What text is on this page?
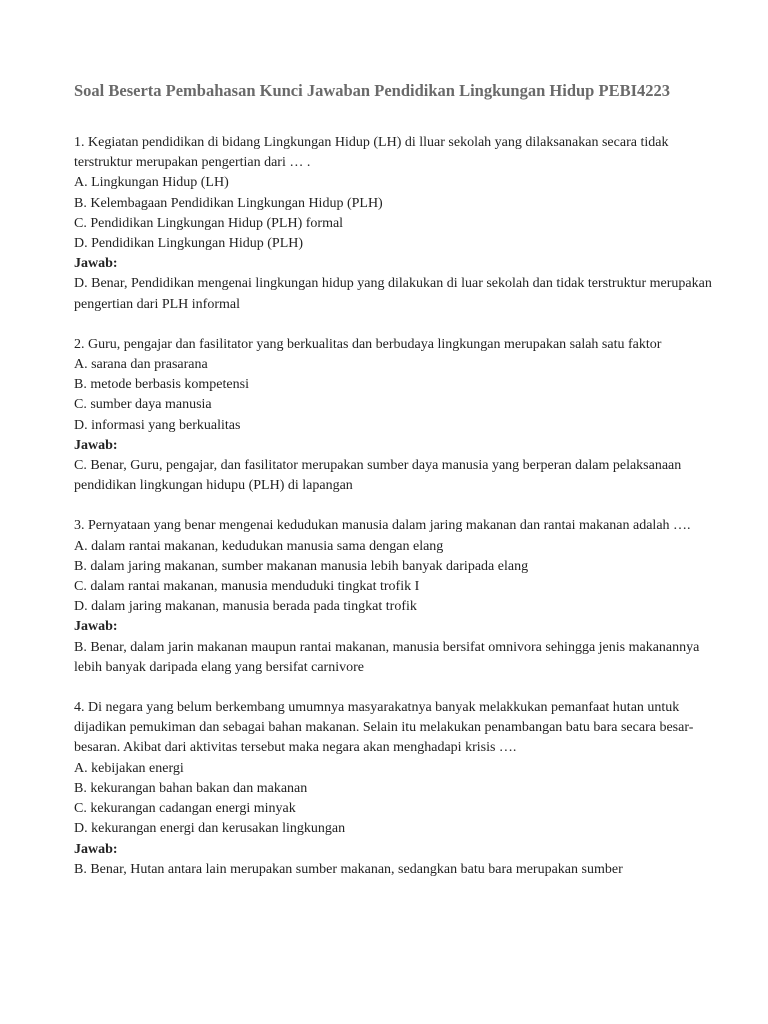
Soal Beserta Pembahasan Kunci Jawaban Pendidikan Lingkungan Hidup PEBI4223

1. Kegiatan pendidikan di bidang Lingkungan Hidup (LH) di lluar sekolah yang dilaksanakan secara tidak terstruktur merupakan pengertian dari … .

A. Lingkungan Hidup (LH)

B. Kelembagaan Pendidikan Lingkungan Hidup (PLH)

C. Pendidikan Lingkungan Hidup (PLH) formal

D. Pendidikan Lingkungan Hidup (PLH)

Jawab:

D. Benar, Pendidikan mengenai lingkungan hidup yang dilakukan di luar sekolah dan tidak terstruktur merupakan pengertian dari PLH informal

2. Guru, pengajar dan fasilitator yang berkualitas dan berbudaya lingkungan merupakan salah satu faktor

A. sarana dan prasarana

B. metode berbasis kompetensi

C. sumber daya manusia

D. informasi yang berkualitas

Jawab:

C. Benar, Guru, pengajar, dan fasilitator merupakan sumber daya manusia yang berperan dalam pelaksanaan pendidikan lingkungan hidupu (PLH) di lapangan

3. Pernyataan yang benar mengenai kedudukan manusia dalam jaring makanan dan rantai makanan adalah ….

A. dalam rantai makanan, kedudukan manusia sama dengan elang

B. dalam jaring makanan, sumber makanan manusia lebih banyak daripada elang

C. dalam rantai makanan, manusia menduduki tingkat trofik I

D. dalam jaring makanan, manusia berada pada tingkat trofik

Jawab:

B. Benar, dalam jarin makanan maupun rantai makanan, manusia bersifat omnivora sehingga jenis makanannya lebih banyak daripada elang yang bersifat carnivore

4. Di negara yang belum berkembang umumnya masyarakatnya banyak melakkukan pemanfaat hutan untuk dijadikan pemukiman dan sebagai bahan makanan. Selain itu melakukan penambangan batu bara secara besar-besaran. Akibat dari aktivitas tersebut maka negara akan menghadapi krisis ….

A. kebijakan energi

B. kekurangan bahan bakan dan makanan

C. kekurangan cadangan energi minyak

D. kekurangan energi dan kerusakan lingkungan

Jawab:

B. Benar, Hutan antara lain merupakan sumber makanan, sedangkan batu bara merupakan sumber
